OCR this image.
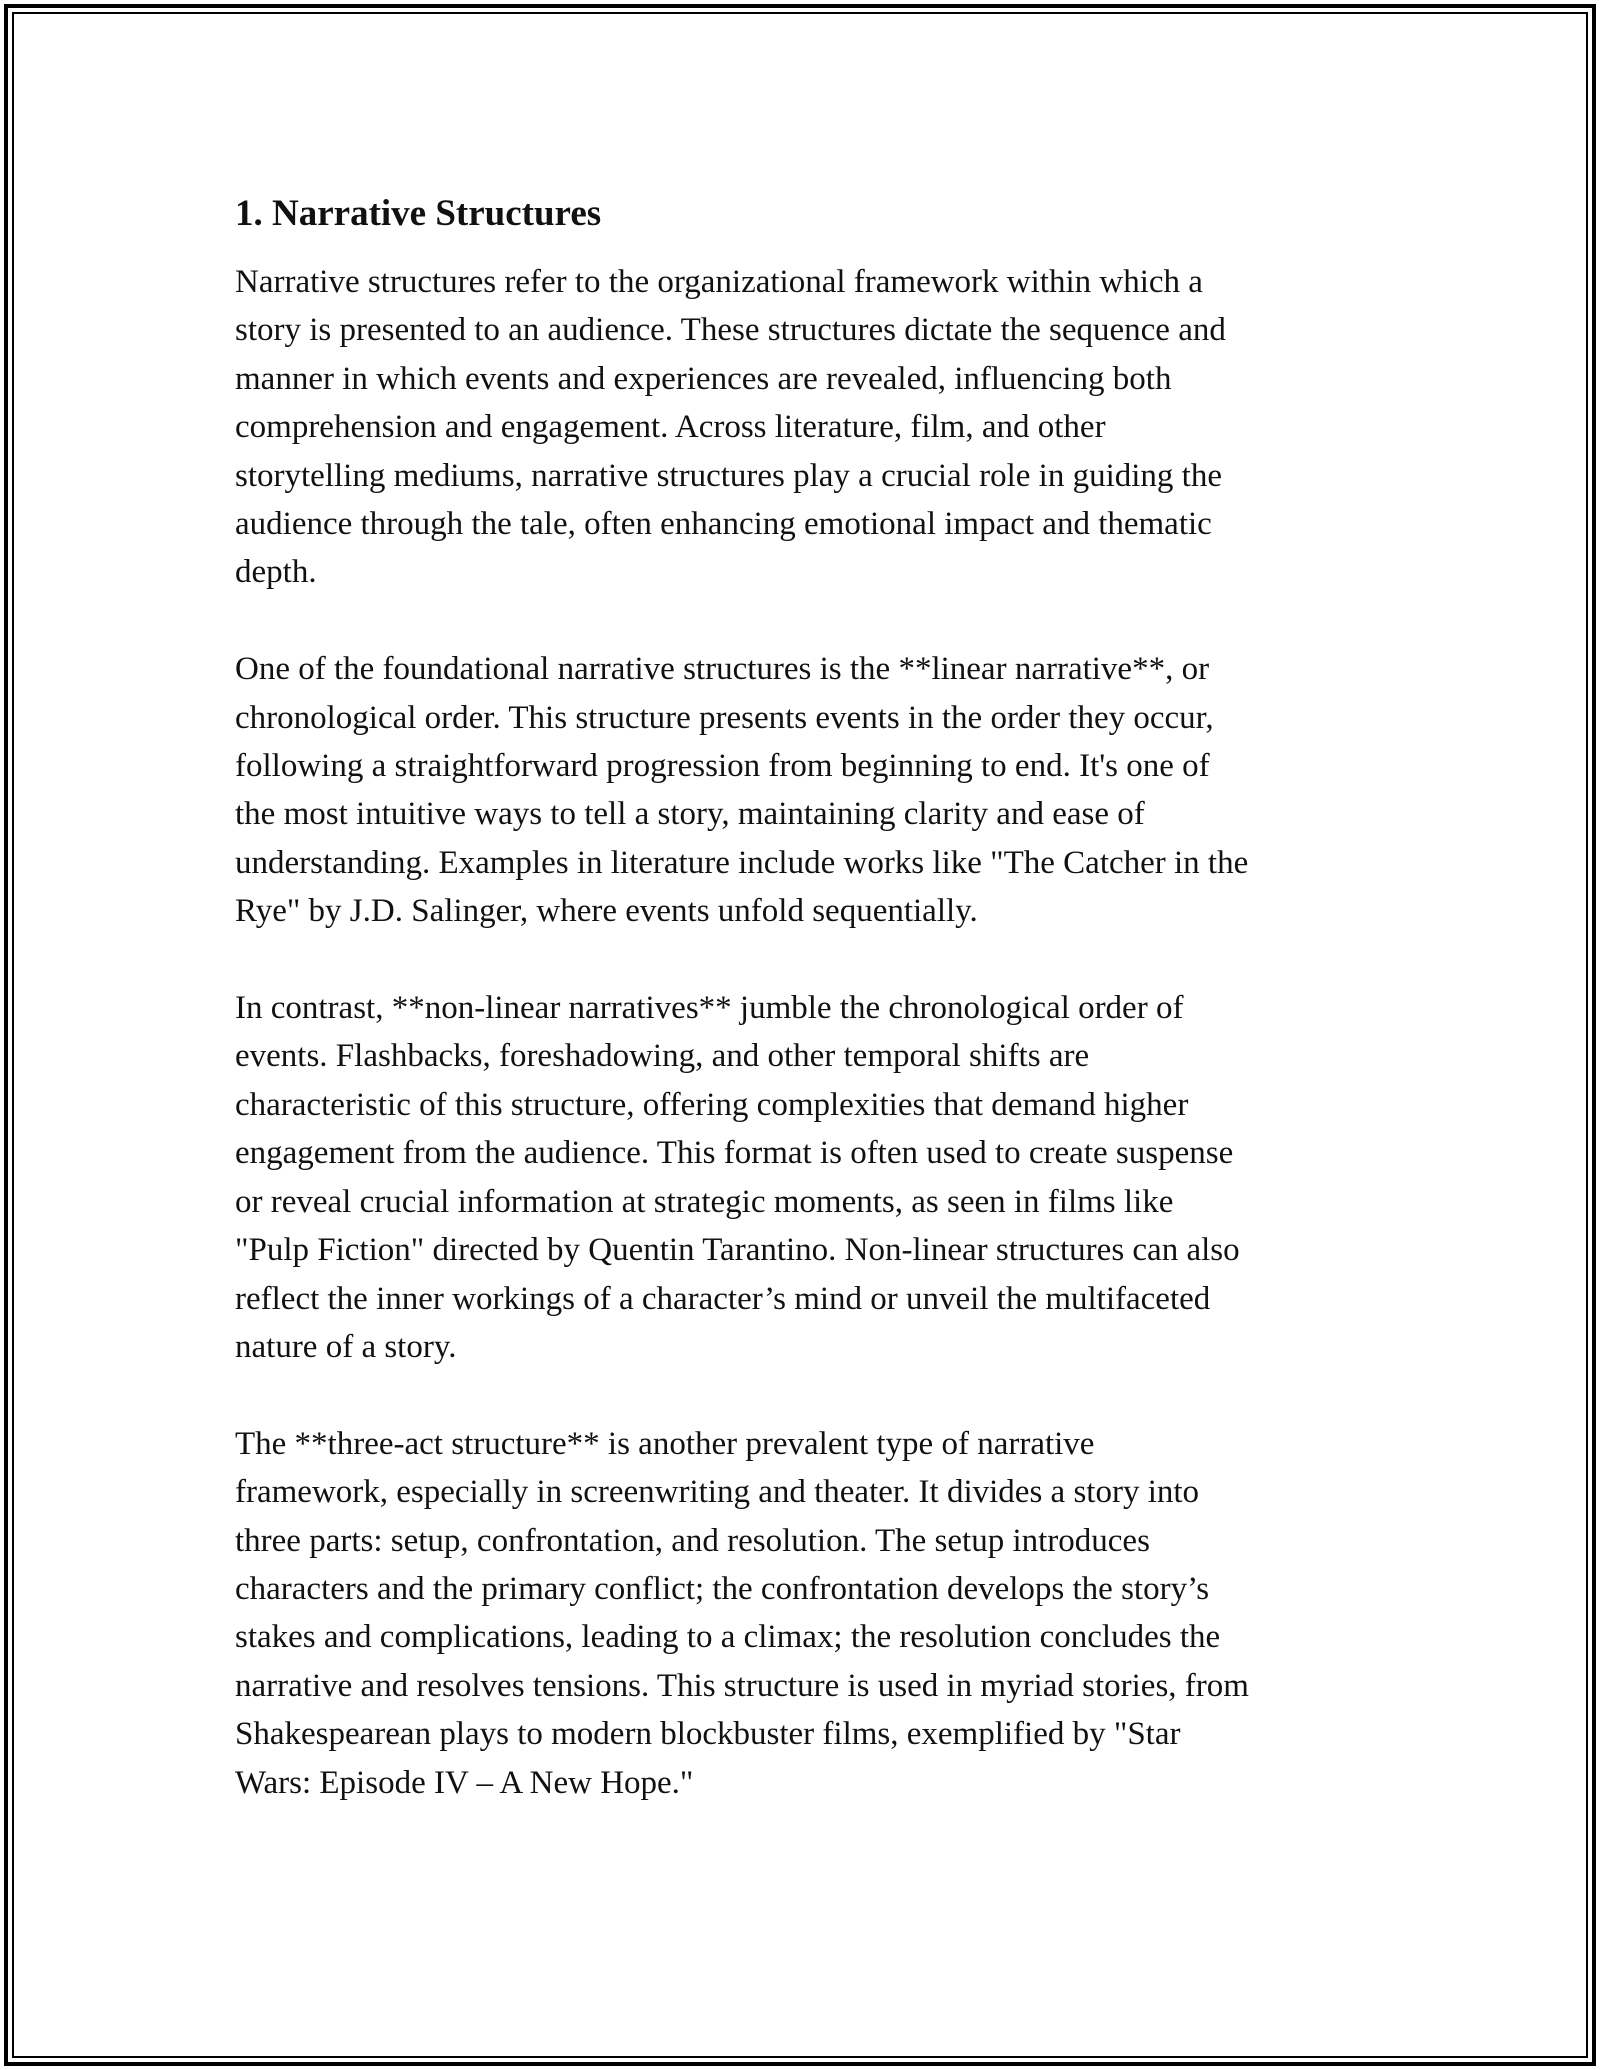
1. Narrative Structures

Narrative structures refer to the organizational framework within which a
story is presented to an audience. These structures dictate the sequence and
manner in which events and experiences are revealed, influencing both
comprehension and engagement. Across literature, film, and other
storytelling mediums, narrative structures play a crucial role in guiding the
audience through the tale, often enhancing emotional impact and thematic
depth.

One of the foundational narrative structures is the **linear narrative**, or
chronological order. This structure presents events in the order they occur,
following a straightforward progression from beginning to end. It's one of
the most intuitive ways to tell a story, maintaining clarity and ease of
understanding. Examples in literature include works like "The Catcher in the
Rye" by J.D. Salinger, where events unfold sequentially.

In contrast, **non-linear narratives** jumble the chronological order of
events. Flashbacks, foreshadowing, and other temporal shifts are
characteristic of this structure, offering complexities that demand higher
engagement from the audience. This format is often used to create suspense
or reveal crucial information at strategic moments, as seen in films like
"Pulp Fiction" directed by Quentin Tarantino. Non-linear structures can also
reflect the inner workings of a character’s mind or unveil the multifaceted
nature of a story.

The **three-act structure** is another prevalent type of narrative
framework, especially in screenwriting and theater. It divides a story into
three parts: setup, confrontation, and resolution. The setup introduces
characters and the primary conflict; the confrontation develops the story’s
stakes and complications, leading to a climax; the resolution concludes the
narrative and resolves tensions. This structure is used in myriad stories, from
Shakespearean plays to modern blockbuster films, exemplified by "Star
Wars: Episode IV – A New Hope."
